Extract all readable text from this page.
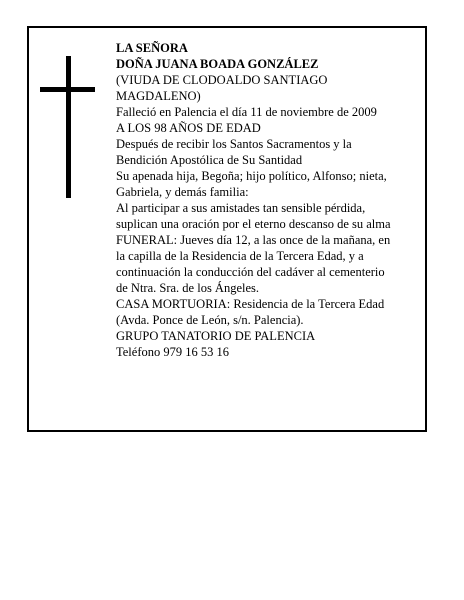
LA SEÑORA
DOÑA JUANA BOADA GONZÁLEZ
(VIUDA DE CLODOALDO SANTIAGO
MAGDALENO)
Falleció en Palencia el día 11 de noviembre de 2009
A LOS 98 AÑOS DE EDAD
Después de recibir los Santos Sacramentos y la
Bendición Apostólica de Su Santidad
Su apenada hija, Begoña; hijo político, Alfonso; nieta,
Gabriela, y demás familia:
Al participar a sus amistades tan sensible pérdida,
suplican una oración por el eterno descanso de su alma
FUNERAL: Jueves día 12, a las once de la mañana, en
la capilla de la Residencia de la Tercera Edad, y a
continuación la conducción del cadáver al cementerio
de Ntra. Sra. de los Ángeles.
CASA MORTUORIA: Residencia de la Tercera Edad
(Avda. Ponce de León, s/n. Palencia).
GRUPO TANATORIO DE PALENCIA
Teléfono 979 16 53 16
